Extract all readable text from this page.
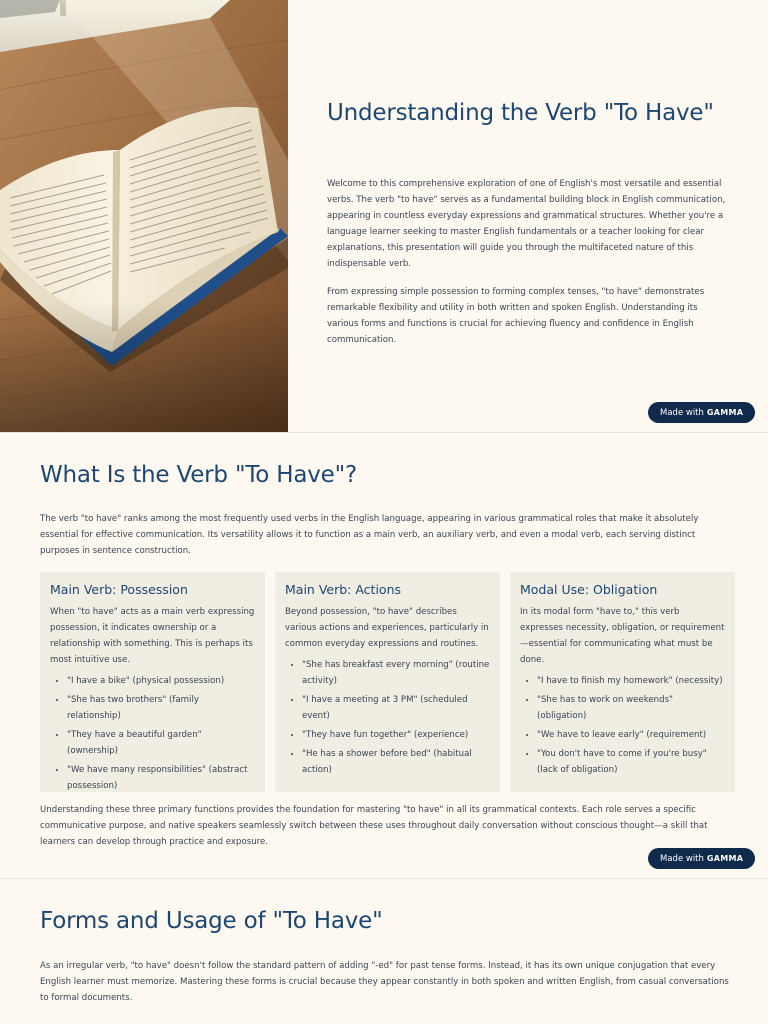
Understanding the Verb "To Have"

Welcome to this comprehensive exploration of one of English's most versatile and essential verbs. The verb "to have" serves as a fundamental building block in English communication, appearing in countless everyday expressions and grammatical structures. Whether you're a language learner seeking to master English fundamentals or a teacher looking for clear explanations, this presentation will guide you through the multifaceted nature of this indispensable verb.

From expressing simple possession to forming complex tenses, "to have" demonstrates remarkable flexibility and utility in both written and spoken English. Understanding its various forms and functions is crucial for achieving fluency and confidence in English communication.

Made with GAMMA
What Is the Verb "To Have"?

The verb "to have" ranks among the most frequently used verbs in the English language, appearing in various grammatical roles that make it absolutely essential for effective communication. Its versatility allows it to function as a main verb, an auxiliary verb, and even a modal verb, each serving distinct purposes in sentence construction.

Main Verb: Possession

When "to have" acts as a main verb expressing possession, it indicates ownership or a relationship with something. This is perhaps its most intuitive use.

• "I have a bike" (physical possession)
• "She has two brothers" (family relationship)
• "They have a beautiful garden" (ownership)
• "We have many responsibilities" (abstract possession)
Main Verb: Actions

Beyond possession, "to have" describes various actions and experiences, particularly in common everyday expressions and routines.

• "She has breakfast every morning" (routine activity)
• "I have a meeting at 3 PM" (scheduled event)
• "They have fun together" (experience)
• "He has a shower before bed" (habitual action)
Modal Use: Obligation

In its modal form "have to," this verb expresses necessity, obligation, or requirement—essential for communicating what must be done.

• "I have to finish my homework" (necessity)
• "She has to work on weekends" (obligation)
• "We have to leave early" (requirement)
• "You don't have to come if you're busy" (lack of obligation)

Understanding these three primary functions provides the foundation for mastering "to have" in all its grammatical contexts. Each role serves a specific communicative purpose, and native speakers seamlessly switch between these uses throughout daily conversation without conscious thought—a skill that learners can develop through practice and exposure.

Made with GAMMA
Forms and Usage of "To Have"

As an irregular verb, "to have" doesn't follow the standard pattern of adding "-ed" for past tense forms. Instead, it has its own unique conjugation that every English learner must memorize. Mastering these forms is crucial because they appear constantly in both spoken and written English, from casual conversations to formal documents.
